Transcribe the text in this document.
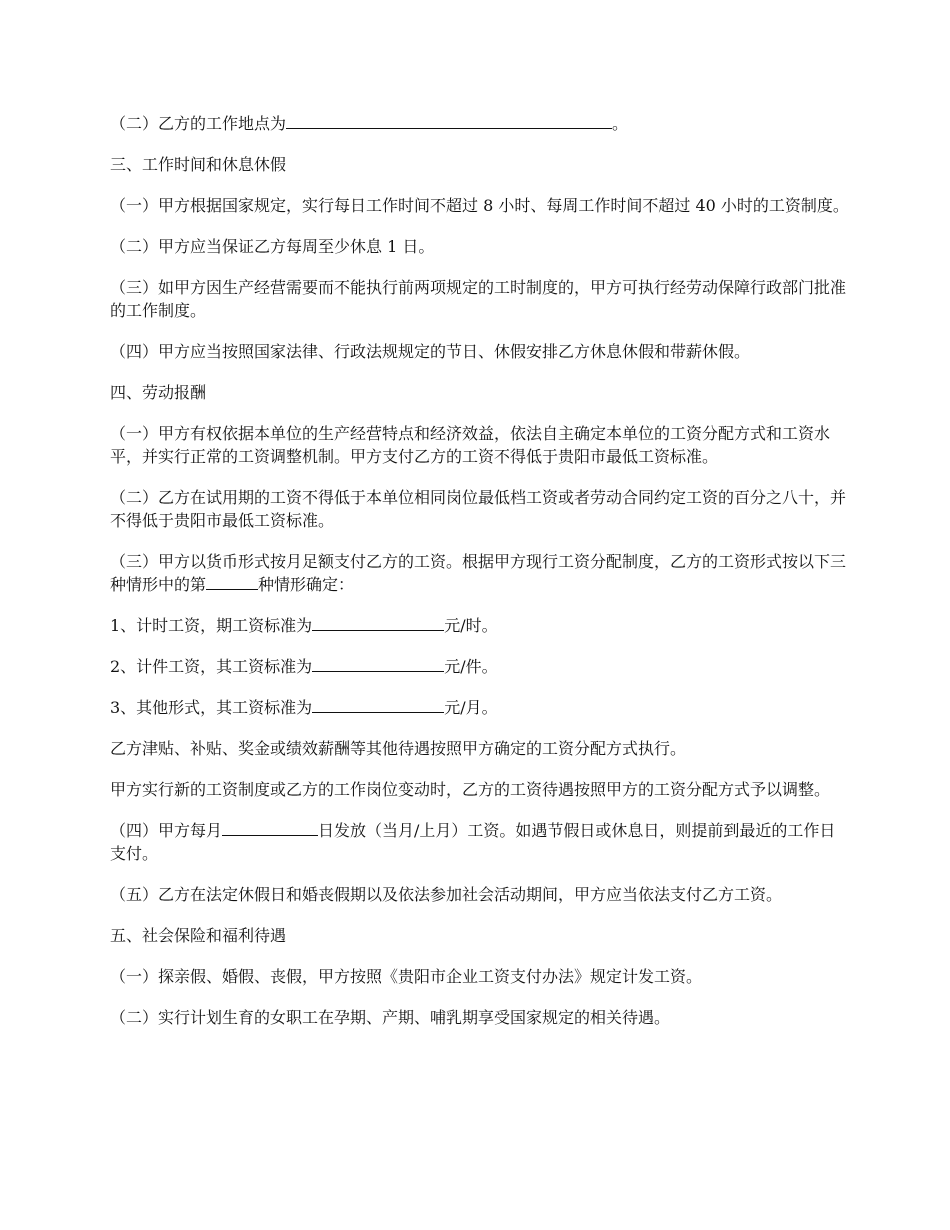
（二）乙方的工作地点为	。

三、工作时间和休息休假

（一）甲方根据国家规定，实行每日工作时间不超过 8 小时、每周工作时间不超过 40 小时的工资制度。

（二）甲方应当保证乙方每周至少休息 1 日。

（三）如甲方因生产经营需要而不能执行前两项规定的工时制度的，甲方可执行经劳动保障行政部门批准的工作制度。

（四）甲方应当按照国家法律、行政法规规定的节日、休假安排乙方休息休假和带薪休假。

四、劳动报酬

（一）甲方有权依据本单位的生产经营特点和经济效益，依法自主确定本单位的工资分配方式和工资水平，并实行正常的工资调整机制。甲方支付乙方的工资不得低于贵阳市最低工资标准。

（二）乙方在试用期的工资不得低于本单位相同岗位最低档工资或者劳动合同约定工资的百分之八十，并不得低于贵阳市最低工资标准。

（三）甲方以货币形式按月足额支付乙方的工资。根据甲方现行工资分配制度，乙方的工资形式按以下三种情形中的第	种情形确定：

1、计时工资，期工资标准为	元/时。

2、计件工资，其工资标准为	元/件。

3、其他形式，其工资标准为	元/月。

乙方津贴、补贴、奖金或绩效薪酬等其他待遇按照甲方确定的工资分配方式执行。

甲方实行新的工资制度或乙方的工作岗位变动时，乙方的工资待遇按照甲方的工资分配方式予以调整。

（四）甲方每月	日发放（当月/上月）工资。如遇节假日或休息日，则提前到最近的工作日支付。

（五）乙方在法定休假日和婚丧假期以及依法参加社会活动期间，甲方应当依法支付乙方工资。

五、社会保险和福利待遇

（一）探亲假、婚假、丧假，甲方按照《贵阳市企业工资支付办法》规定计发工资。

（二）实行计划生育的女职工在孕期、产期、哺乳期享受国家规定的相关待遇。
